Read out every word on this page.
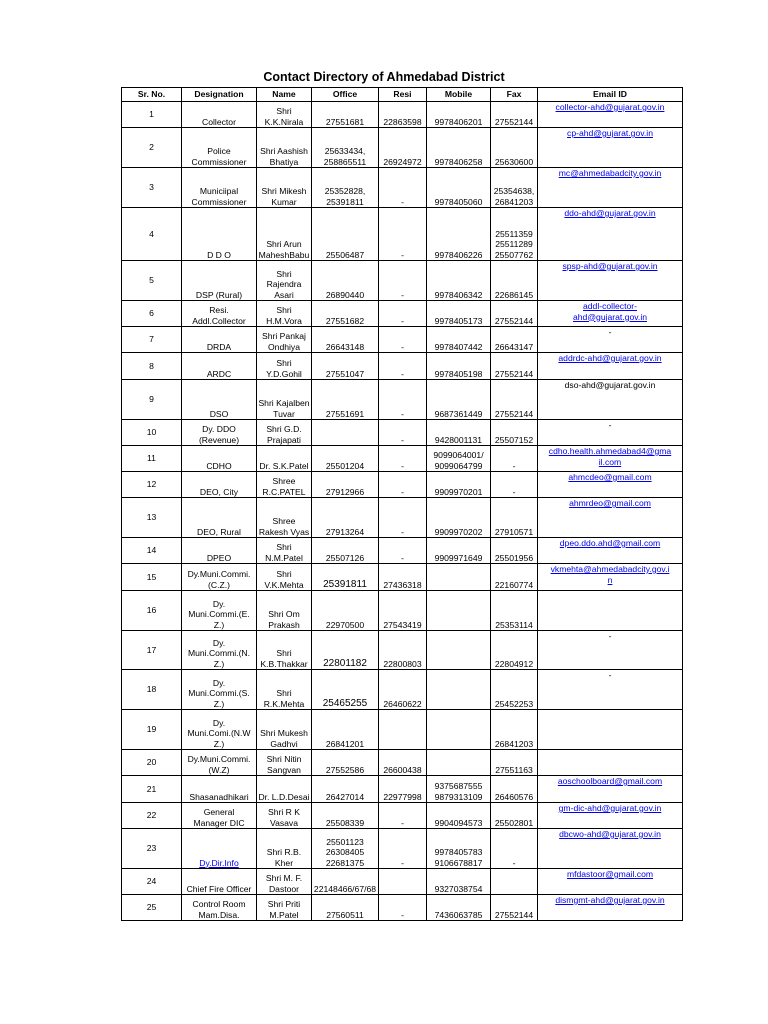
Contact Directory of Ahmedabad District
Sr. No.	Designation	Name	Office	Resi	Mobile	Fax	Email ID
1	Collector	Shri
K.K.Nirala	27551681	22863598	9978406201	27552144	collector-ahd@gujarat.gov.in
2	Police
Commissioner	Shri Aashish
Bhatiya	25633434,
258865511	26924972	9978406258	25630600	cp-ahd@gujarat.gov.in
3	Municiipal
Commissioner	Shri Mikesh
Kumar	25352828,
25391811	-	9978405060	25354638,
26841203	mc@ahmedabadcity.gov.in
4	D D O	Shri Arun
MaheshBabu	25506487	-	9978406226	25511359
25511289
25507762	ddo-ahd@gujarat.gov.in
5	DSP (Rural)	Shri
Rajendra
Asari	26890440	-	9978406342	22686145	spsp-ahd@gujarat.gov.in
6	Resi.
Addl.Collector	Shri
H.M.Vora	27551682	-	9978405173	27552144	addl-collector-
ahd@gujarat.gov.in
7	DRDA	Shri Pankaj
Ondhiya	26643148	-	9978407442	26643147	-
8	ARDC	Shri
Y.D.Gohil	27551047	-	9978405198	27552144	addrdc-ahd@gujarat.gov.in
9	DSO	Shri Kajalben
Tuvar	27551691	-	9687361449	27552144	dso-ahd@gujarat.gov.in
10	Dy. DDO
(Revenue)	Shri G.D.
Prajapati		-	9428001131	25507152	-
11	CDHO	Dr. S.K.Patel	25501204	-	9099064001/
9099064799	-	cdho.health.ahmedabad4@gma
il.com
12	DEO, City	Shree
R.C.PATEL	27912966	-	9909970201	-	ahmcdeo@gmail.com
13	DEO, Rural	Shree
Rakesh Vyas	27913264	-	9909970202	27910571	ahmrdeo@gmail.com
14	DPEO	Shri
N.M.Patel	25507126	-	9909971649	25501956	dpeo.ddo.ahd@gmail.com
15	Dy.Muni.Commi.
(C.Z.)	Shri
V.K.Mehta	25391811	27436318		22160774	vkmehta@ahmedabadcity.gov.i
n
16	Dy.
Muni.Commi.(E.
Z.)	Shri Om
Prakash	22970500	27543419		25353114	
17	Dy.
Muni.Commi.(N.
Z.)	Shri
K.B.Thakkar	22801182	22800803		22804912	-
18	Dy.
Muni.Commi.(S.
Z.)	Shri
R.K.Mehta	25465255	26460622		25452253	-
19	Dy.
Muni.Comi.(N.W
Z.)	Shri Mukesh
Gadhvi	26841201			26841203	
20	Dy.Muni.Commi.
(W.Z)	Shri Nitin
Sangvan	27552586	26600438		27551163	
21	Shasanadhikari	Dr. L.D.Desai	26427014	22977998	9375687555
9879313109	26460576	aoschoolboard@gmail.com
22	General
Manager DIC	Shri R K
Vasava	25508339	-	9904094573	25502801	gm-dic-ahd@gujarat.gov.in
23	Dy.Dir.Info	Shri R.B. Kher	25501123
26308405
22681375	-	9978405783
9106678817	-	dbcwo-ahd@gujarat.gov.in
24	Chief Fire Officer	Shri M. F.
Dastoor	22148466/67/68		9327038754		mfdastoor@gmail.com
25	Control Room
Mam.Disa.	Shri Priti
M.Patel	27560511	-	7436063785	27552144	dismgmt-ahd@gujarat.gov.in
